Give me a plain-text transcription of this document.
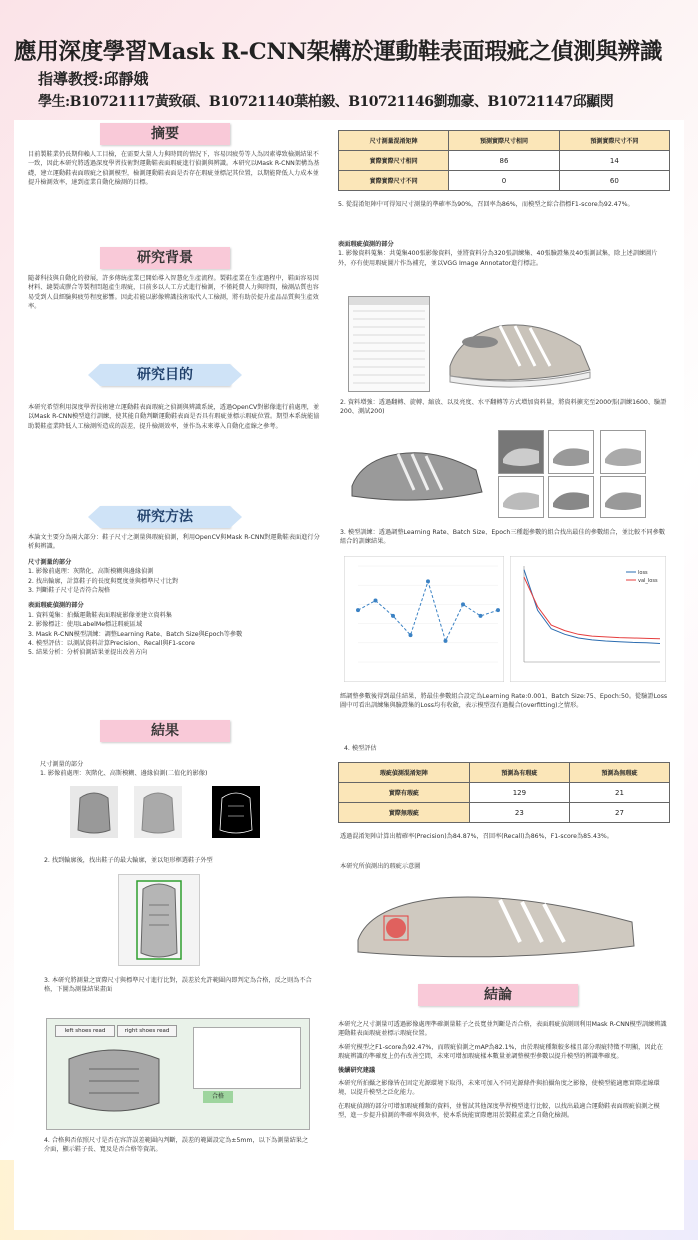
應用深度學習Mask R-CNN架構於運動鞋表面瑕疵之偵測與辨識
指導教授:邱靜娥
學生:B10721117黃致碩、B10721140葉柏毅、B10721146劉珈豪、B10721147邱顯閔
摘要
目前製鞋業仍長期仰賴人工目檢，在需要大量人力與時間的情況下，容易因疲勞等人為因素導致檢測結果不一致，因此本研究將透過深度學習技術對運動鞋表面瑕疵進行偵測與辨識。本研究以Mask R-CNN架構為基礎，建立運動鞋表面瑕疵之偵測模型，檢測運動鞋表面是否存在瑕疵並標記其位置，以期能降低人力成本並提升檢測效率，達到產業自動化檢測的目標。
研究背景
隨著科技與自動化的發展，許多傳統產業已開始導入智慧化生產流程。製鞋產業在生產過程中，鞋面容易因材料、縫製或膠合等製程問題產生瑕疵，目前多以人工方式進行檢測，不僅耗費人力與時間，檢測品質也容易受到人員經驗與疲勞程度影響。因此若能以影像辨識技術取代人工檢測，將有助於提升產品品質與生產效率。
研究目的
本研究希望利用深度學習技術建立運動鞋表面瑕疵之偵測與辨識系統，透過OpenCV對影像進行前處理，並以Mask R-CNN模型進行訓練，使其能自動判斷運動鞋表面是否具有瑕疵並標示瑕疵位置。期望本系統能協助製鞋產業降低人工檢測所造成的誤差，提升檢測效率，並作為未來導入自動化產線之參考。
研究方法
本論文主要分為兩大部分：鞋子尺寸之測量與瑕疵偵測，利用OpenCV與Mask R-CNN對運動鞋表面進行分析與辨識。
尺寸測量的部分
1. 影像前處理：灰階化、高斯模糊與邊緣偵測
2. 找出輪廓，計算鞋子的長度與寬度並與標準尺寸比對
3. 判斷鞋子尺寸是否符合規格
表面瑕疵偵測的部分
1. 資料蒐集：拍攝運動鞋表面瑕疵影像並建立資料集
2. 影像標註：使用LabelMe標註瑕疵區域
3. Mask R-CNN模型訓練：調整Learning Rate、Batch Size與Epoch等參數
4. 模型評估：以測試資料計算Precision、Recall與F1-score
5. 結果分析：分析偵測結果並提出改善方向
結果
尺寸測量的部分
1. 影像前處理：灰階化、高斯模糊、邊緣偵測(二值化的影像)
2. 找到輪廓後，找出鞋子的最大輪廓，並以矩形框選鞋子外型
3. 本研究將測量之實際尺寸與標準尺寸進行比對，誤差於允許範圍內即判定為合格，反之則為不合格，下圖為測量結果畫面
left shoes read	right shoes read
合格
4. 合格與否依照尺寸是否在容許誤差範圍內判斷，誤差的範圍設定為±5mm，以下為測量結果之介面，顯示鞋子長、寬及是否合格等資訊。
尺寸測量混淆矩陣	預測實際尺寸相同	預測實際尺寸不同
實際實際尺寸相同	86	14
實際實際尺寸不同	0	60
5. 從混淆矩陣中可得知尺寸測量的準確率為90%，召回率為86%，而模型之綜合指標F1-score為92.47%。
表面瑕疵偵測的部分
1. 影像資料蒐集：共蒐集400張影像資料，並將資料分為320張訓練集、40張驗證集及40張測試集，除上述訓練圖片外，亦有使用瑕疵圖片作為補充，並以VGG Image Annotator進行標註。
2. 資料增強：透過翻轉、旋轉、縮放、以及亮度、水平翻轉等方式增加資料量，將資料擴充至2000張(訓練1600、驗證200、測試200)
3. 模型訓練：透過調整Learning Rate、Batch Size、Epoch三種超參數的組合找出最佳的參數組合，並比較不同參數組合的訓練結果。
loss
val_loss
經調整參數後得到最佳結果，將最佳參數組合設定為Learning Rate:0.001、Batch Size:75、Epoch:50。從驗證Loss圖中可看出訓練集與驗證集的Loss均有收斂，表示模型沒有過擬合(overfitting)之情形。
4. 模型評估
瑕疵偵測混淆矩陣	預測為有瑕疵	預測為無瑕疵
實際有瑕疵	129	21
實際無瑕疵	23	27
透過混淆矩陣計算出精確率(Precision)為84.87%，召回率(Recall)為86%，F1-score為85.43%。
本研究所偵測出的瑕疵示意圖
結論

本研究之尺寸測量可透過影像處理準確測量鞋子之長寬並判斷是否合格，表面瑕疵偵測則利用Mask R-CNN模型訓練辨識運動鞋表面瑕疵並標示瑕疵位置。

本研究模型之F1-score為92.47%，而瑕疵偵測之mAP為82.1%，由於瑕疵種類較多樣且部分瑕疵特徵不明顯，因此在瑕疵辨識的準確度上仍有改善空間，未來可增加瑕疵樣本數量並調整模型參數以提升模型的辨識準確度。

後續研究建議

本研究所拍攝之影像皆在固定光源環境下取得，未來可加入不同光源條件與拍攝角度之影像，使模型能適應實際產線環境，以提升模型之泛化能力。

在瑕疵偵測的部分可增加瑕疵種類的資料，並嘗試其他深度學習模型進行比較，以找出最適合運動鞋表面瑕疵偵測之模型，進一步提升偵測的準確率與效率，使本系統能實際應用於製鞋產業之自動化檢測。
